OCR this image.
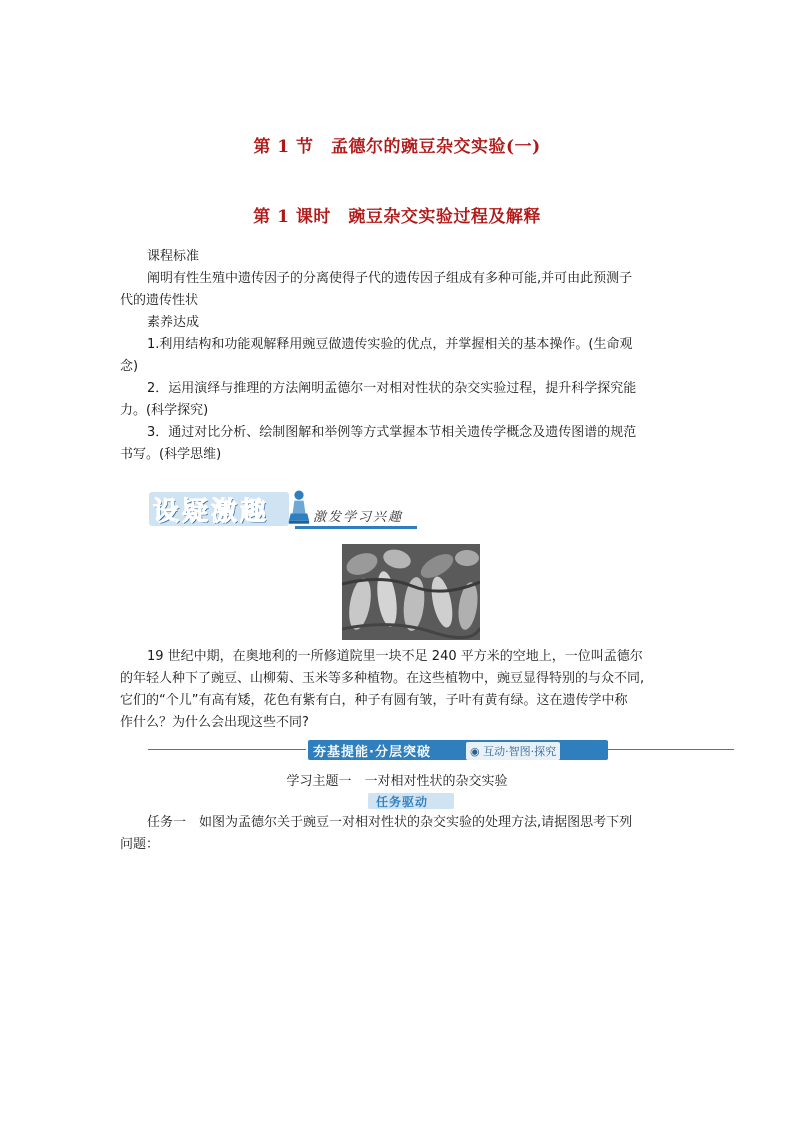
第 1 节　孟德尔的豌豆杂交实验(一)
第 1 课时　豌豆杂交实验过程及解释

课程标准

阐明有性生殖中遗传因子的分离使得子代的遗传因子组成有多种可能,并可由此预测子

代的遗传性状

素养达成

1.利用结构和功能观解释用豌豆做遗传实验的优点，并掌握相关的基本操作。(生命观

念)

2．运用演绎与推理的方法阐明孟德尔一对相对性状的杂交实验过程，提升科学探究能

力。(科学探究)

3．通过对比分析、绘制图解和举例等方式掌握本节相关遗传学概念及遗传图谱的规范

书写。(科学思维)

设疑激趣	激发学习兴趣

19 世纪中期，在奥地利的一所修道院里一块不足 240 平方米的空地上，一位叫孟德尔

的年轻人种下了豌豆、山柳菊、玉米等多种植物。在这些植物中，豌豆显得特别的与众不同,

它们的“个儿”有高有矮，花色有紫有白，种子有圆有皱，子叶有黄有绿。这在遗传学中称

作什么？为什么会出现这些不同?

夯基提能·分层突破	◉ 互动·智图·探究
学习主题一　一对相对性状的杂交实验
任务驱动

任务一　如图为孟德尔关于豌豆一对相对性状的杂交实验的处理方法,请据图思考下列

问题：
